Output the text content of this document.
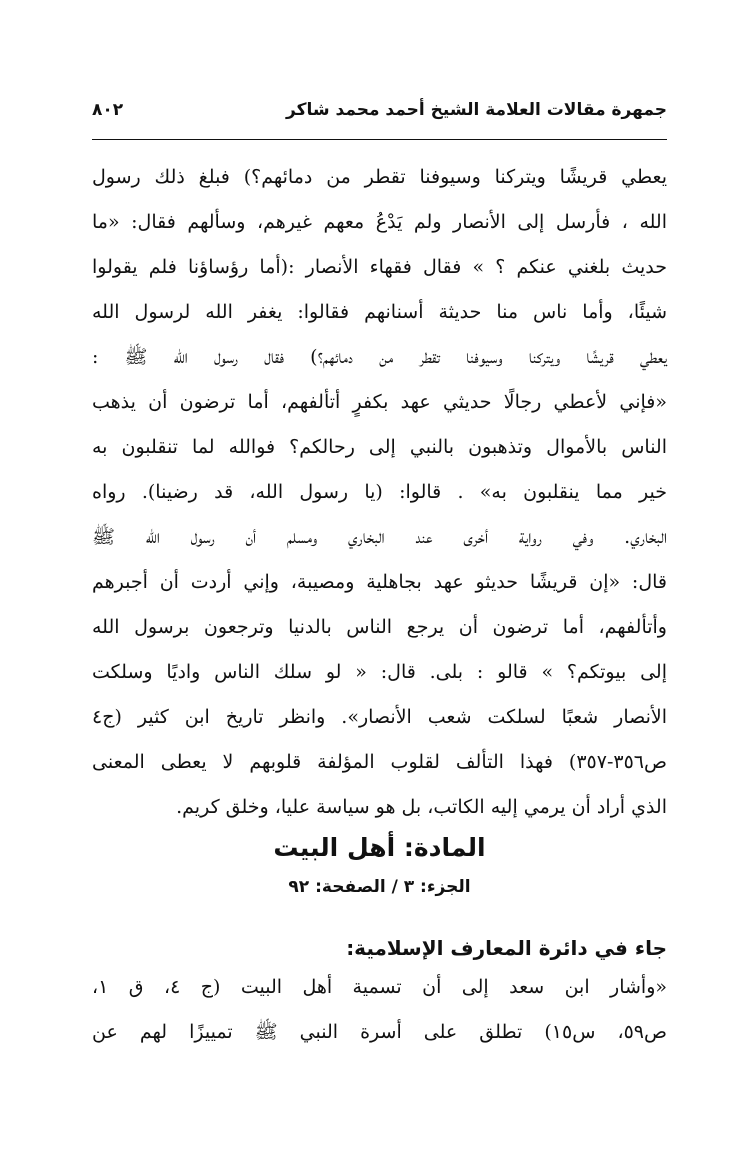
جمهرة مقالات العلامة الشيخ أحمد محمد شاكر
٨٠٢
يعطي قريشًا ويتركنا وسيوفنا تقطر من دمائهم؟) فبلغ ذلك رسول
الله ، فأرسل إلى الأنصار ولم يَدْعُ معهم غيرهم، وسألهم فقال: «ما
حديث بلغني عنكم ؟ » فقال فقهاء الأنصار :(أما رؤساؤنا فلم يقولوا
شيئًا، وأما ناس منا حديثة أسنانهم فقالوا: يغفر الله لرسول الله
يعطي قريشًا ويتركنا وسيوفنا تقطر من دمائهم؟) فقال رسول الله ﷺ :
«فإني لأعطي رجالًا حديثي عهد بكفرٍ أتألفهم، أما ترضون أن يذهب
الناس بالأموال وتذهبون بالنبي إلى رحالكم؟ فوالله لما تنقلبون به
خير مما ينقلبون به» . قالوا: (يا رسول الله، قد رضينا). رواه
البخاري. وفي رواية أخرى عند البخاري ومسلم أن رسول الله ﷺ
قال: «إن قريشًا حديثو عهد بجاهلية ومصيبة، وإني أردت أن أجبرهم
وأتألفهم، أما ترضون أن يرجع الناس بالدنيا وترجعون برسول الله
إلى بيوتكم؟ » قالو : بلى. قال: « لو سلك الناس واديًا وسلكت
الأنصار شعبًا لسلكت شعب الأنصار». وانظر تاريخ ابن كثير (ج٤
ص٣٥٦-٣٥٧) فهذا التألف لقلوب المؤلفة قلوبهم لا يعطى المعنى
الذي أراد أن يرمي إليه الكاتب، بل هو سياسة عليا، وخلق كريم.
المادة: أهل البيت
الجزء: ٣ / الصفحة: ٩٢
جاء في دائرة المعارف الإسلامية:
«وأشار ابن سعد إلى أن تسمية أهل البيت (ج ٤، ق ١،
ص٥٩، س١٥) تطلق على أسرة النبي ﷺ تمييزًا لهم عن
